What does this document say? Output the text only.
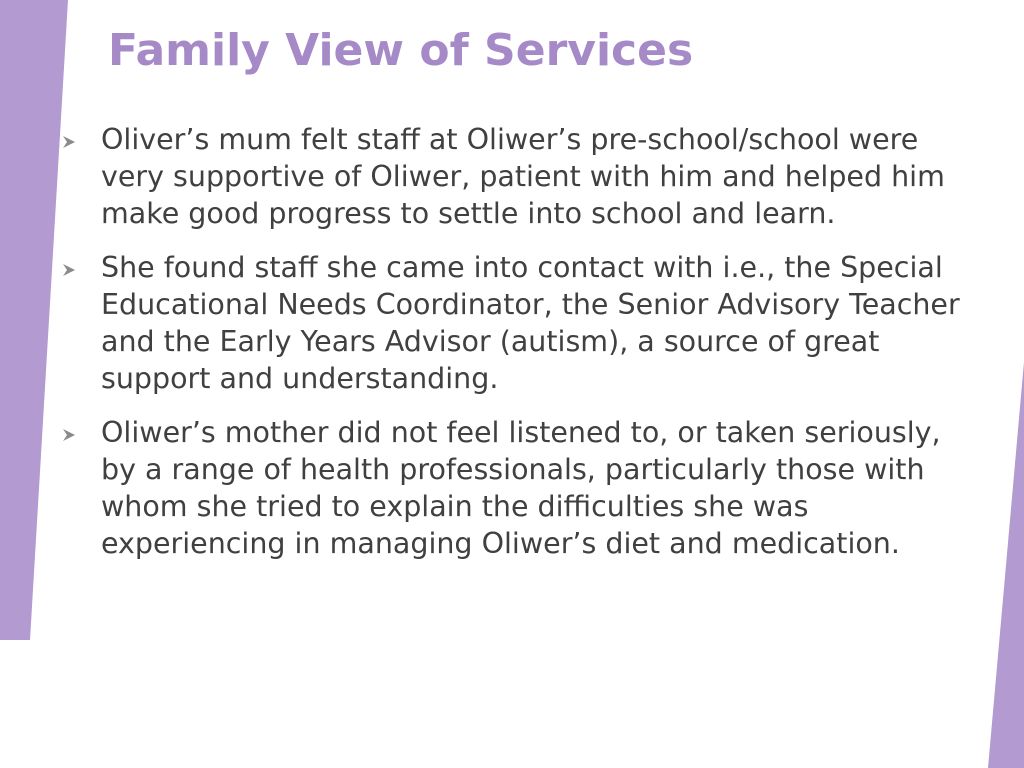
Family View of Services
Oliver’s mum felt staff at Oliwer’s pre-school/school were very supportive of Oliwer, patient with him and helped him make good progress to settle into school and learn.
She found staff she came into contact with i.e., the Special Educational Needs Coordinator, the Senior Advisory Teacher and the Early Years Advisor (autism), a source of great support and understanding.
Oliwer’s mother did not feel listened to, or taken seriously, by a range of health professionals, particularly those with whom she tried to explain the difficulties she was experiencing in managing Oliwer’s diet and medication.
